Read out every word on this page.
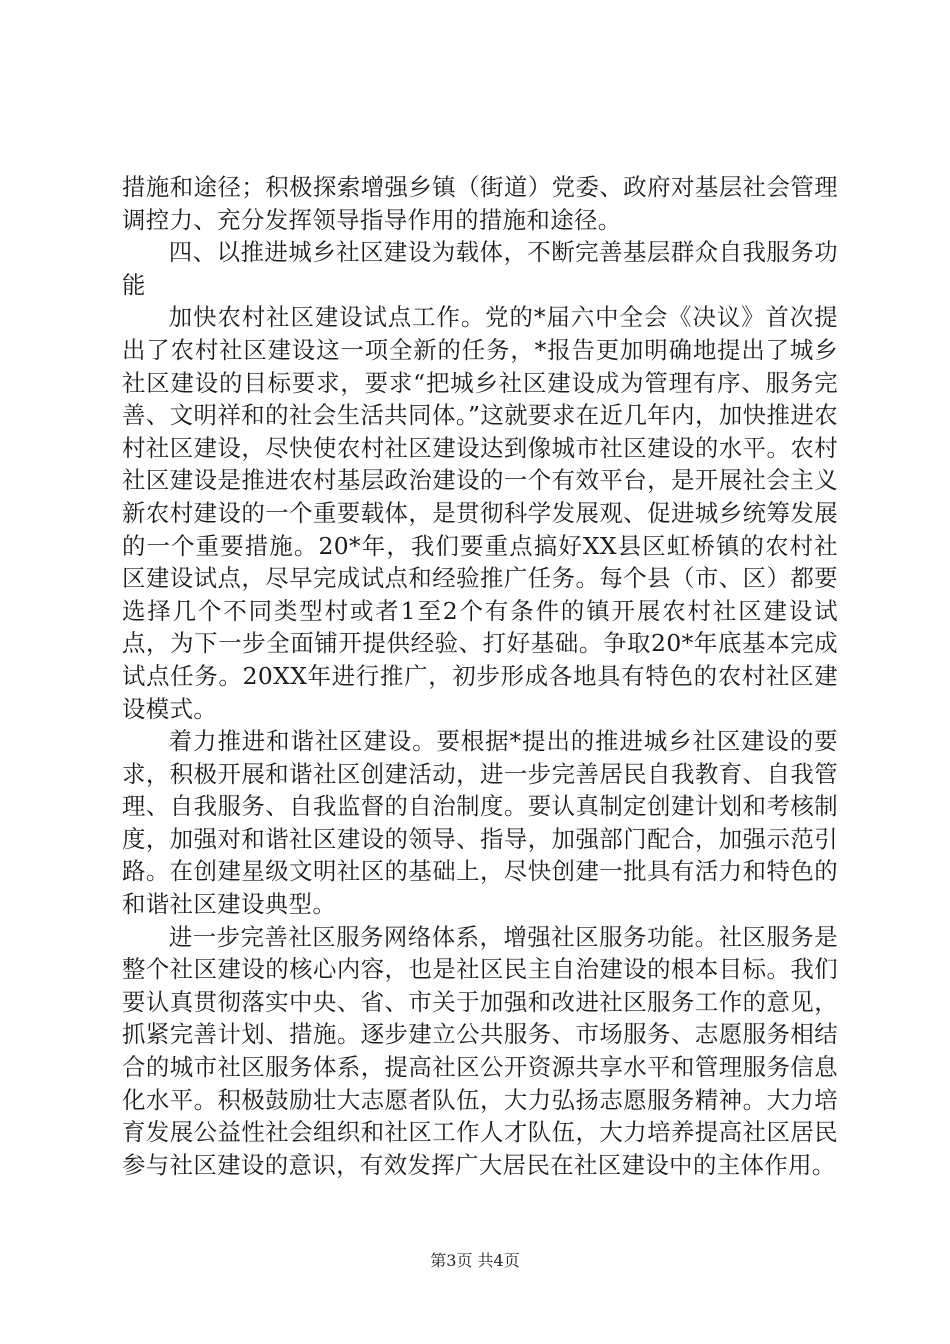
措施和途径；积极探索增强乡镇（街道）党委、政府对基层社会管理调控力、充分发挥领导指导作用的措施和途径。

四、以推进城乡社区建设为载体，不断完善基层群众自我服务功能

加快农村社区建设试点工作。党的*届六中全会《决议》首次提出了农村社区建设这一项全新的任务，*报告更加明确地提出了城乡社区建设的目标要求，要求“把城乡社区建设成为管理有序、服务完善、文明祥和的社会生活共同体。”这就要求在近几年内，加快推进农村社区建设，尽快使农村社区建设达到像城市社区建设的水平。农村社区建设是推进农村基层政治建设的一个有效平台，是开展社会主义新农村建设的一个重要载体，是贯彻科学发展观、促进城乡统筹发展的一个重要措施。20*年，我们要重点搞好XX县区虹桥镇的农村社区建设试点，尽早完成试点和经验推广任务。每个县（市、区）都要选择几个不同类型村或者1至2个有条件的镇开展农村社区建设试点，为下一步全面铺开提供经验、打好基础。争取20*年底基本完成试点任务。20XX年进行推广，初步形成各地具有特色的农村社区建设模式。

着力推进和谐社区建设。要根据*提出的推进城乡社区建设的要求，积极开展和谐社区创建活动，进一步完善居民自我教育、自我管理、自我服务、自我监督的自治制度。要认真制定创建计划和考核制度，加强对和谐社区建设的领导、指导，加强部门配合，加强示范引路。在创建星级文明社区的基础上，尽快创建一批具有活力和特色的和谐社区建设典型。

进一步完善社区服务网络体系，增强社区服务功能。社区服务是整个社区建设的核心内容，也是社区民主自治建设的根本目标。我们要认真贯彻落实中央、省、市关于加强和改进社区服务工作的意见，抓紧完善计划、措施。逐步建立公共服务、市场服务、志愿服务相结合的城市社区服务体系，提高社区公开资源共享水平和管理服务信息化水平。积极鼓励壮大志愿者队伍，大力弘扬志愿服务精神。大力培育发展公益性社会组织和社区工作人才队伍，大力培养提高社区居民参与社区建设的意识，有效发挥广大居民在社区建设中的主体作用。

第3页 共4页
